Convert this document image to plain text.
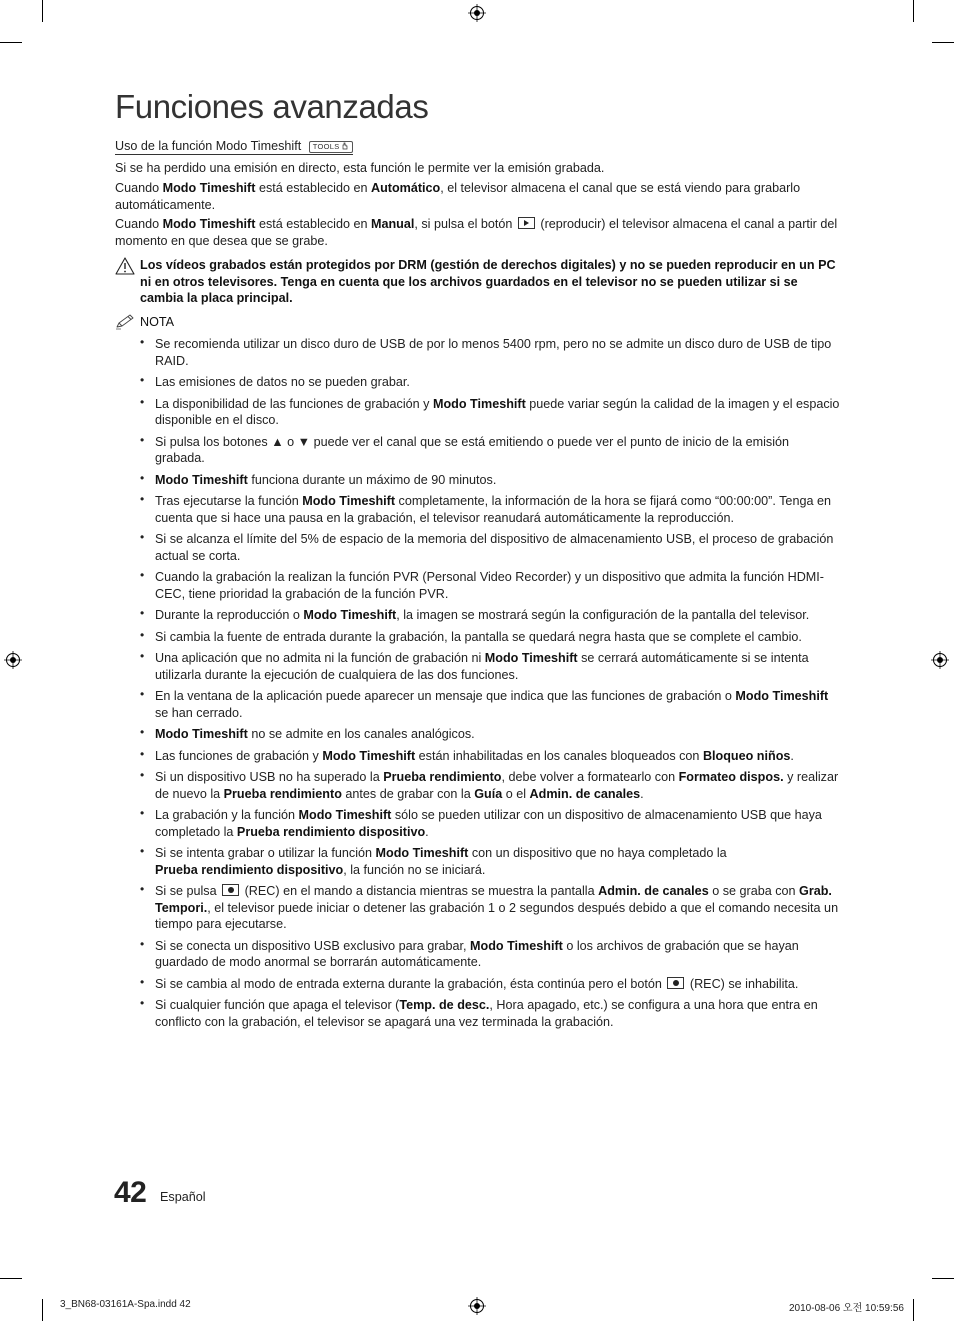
Funciones avanzadas
Uso de la función Modo Timeshift TOOLS

Si se ha perdido una emisión en directo, esta función le permite ver la emisión grabada.

Cuando Modo Timeshift está establecido en Automático, el televisor almacena el canal que se está viendo para grabarlo automáticamente.

Cuando Modo Timeshift está establecido en Manual, si pulsa el botón  (reproducir) el televisor almacena el canal a partir del momento en que desea que se grabe.

Los vídeos grabados están protegidos por DRM (gestión de derechos digitales) y no se pueden reproducir en un PC ni en otros televisores. Tenga en cuenta que los archivos guardados en el televisor no se pueden utilizar si se cambia la placa principal.
NOTA
• Se recomienda utilizar un disco duro de USB de por lo menos 5400 rpm, pero no se admite un disco duro de USB de tipo RAID.
• Las emisiones de datos no se pueden grabar.
• La disponibilidad de las funciones de grabación y Modo Timeshift puede variar según la calidad de la imagen y el espacio disponible en el disco.
• Si pulsa los botones ▲ o ▼ puede ver el canal que se está emitiendo o puede ver el punto de inicio de la emisión grabada.
• Modo Timeshift funciona durante un máximo de 90 minutos.
• Tras ejecutarse la función Modo Timeshift completamente, la información de la hora se fijará como “00:00:00”. Tenga en cuenta que si hace una pausa en la grabación, el televisor reanudará automáticamente la reproducción.
• Si se alcanza el límite del 5% de espacio de la memoria del dispositivo de almacenamiento USB, el proceso de grabación actual se corta.
• Cuando la grabación la realizan la función PVR (Personal Video Recorder) y un dispositivo que admita la función HDMI-CEC, tiene prioridad la grabación de la función PVR.
• Durante la reproducción o Modo Timeshift, la imagen se mostrará según la configuración de la pantalla del televisor.
• Si cambia la fuente de entrada durante la grabación, la pantalla se quedará negra hasta que se complete el cambio.
• Una aplicación que no admita ni la función de grabación ni Modo Timeshift se cerrará automáticamente si se intenta utilizarla durante la ejecución de cualquiera de las dos funciones.
• En la ventana de la aplicación puede aparecer un mensaje que indica que las funciones de grabación o Modo Timeshift se han cerrado.
• Modo Timeshift no se admite en los canales analógicos.
• Las funciones de grabación y Modo Timeshift están inhabilitadas en los canales bloqueados con Bloqueo niños.
• Si un dispositivo USB no ha superado la Prueba rendimiento, debe volver a formatearlo con Formateo dispos. y realizar de nuevo la Prueba rendimiento antes de grabar con la Guía o el Admin. de canales.
• La grabación y la función Modo Timeshift sólo se pueden utilizar con un dispositivo de almacenamiento USB que haya completado la Prueba rendimiento dispositivo.
• Si se intenta grabar o utilizar la función Modo Timeshift con un dispositivo que no haya completado la
Prueba rendimiento dispositivo, la función no se iniciará.
• Si se pulsa  (REC) en el mando a distancia mientras se muestra la pantalla Admin. de canales o se graba con Grab. Tempori., el televisor puede iniciar o detener las grabación 1 o 2 segundos después debido a que el comando necesita un tiempo para ejecutarse.
• Si se conecta un dispositivo USB exclusivo para grabar, Modo Timeshift o los archivos de grabación que se hayan guardado de modo anormal se borrarán automáticamente.
• Si se cambia al modo de entrada externa durante la grabación, ésta continúa pero el botón  (REC) se inhabilita.
• Si cualquier función que apaga el televisor (Temp. de desc., Hora apagado, etc.) se configura a una hora que entra en conflicto con la grabación, el televisor se apagará una vez terminada la grabación.
42 Español
3_BN68-03161A-Spa.indd 42	2010-08-06 오전 10:59:56
